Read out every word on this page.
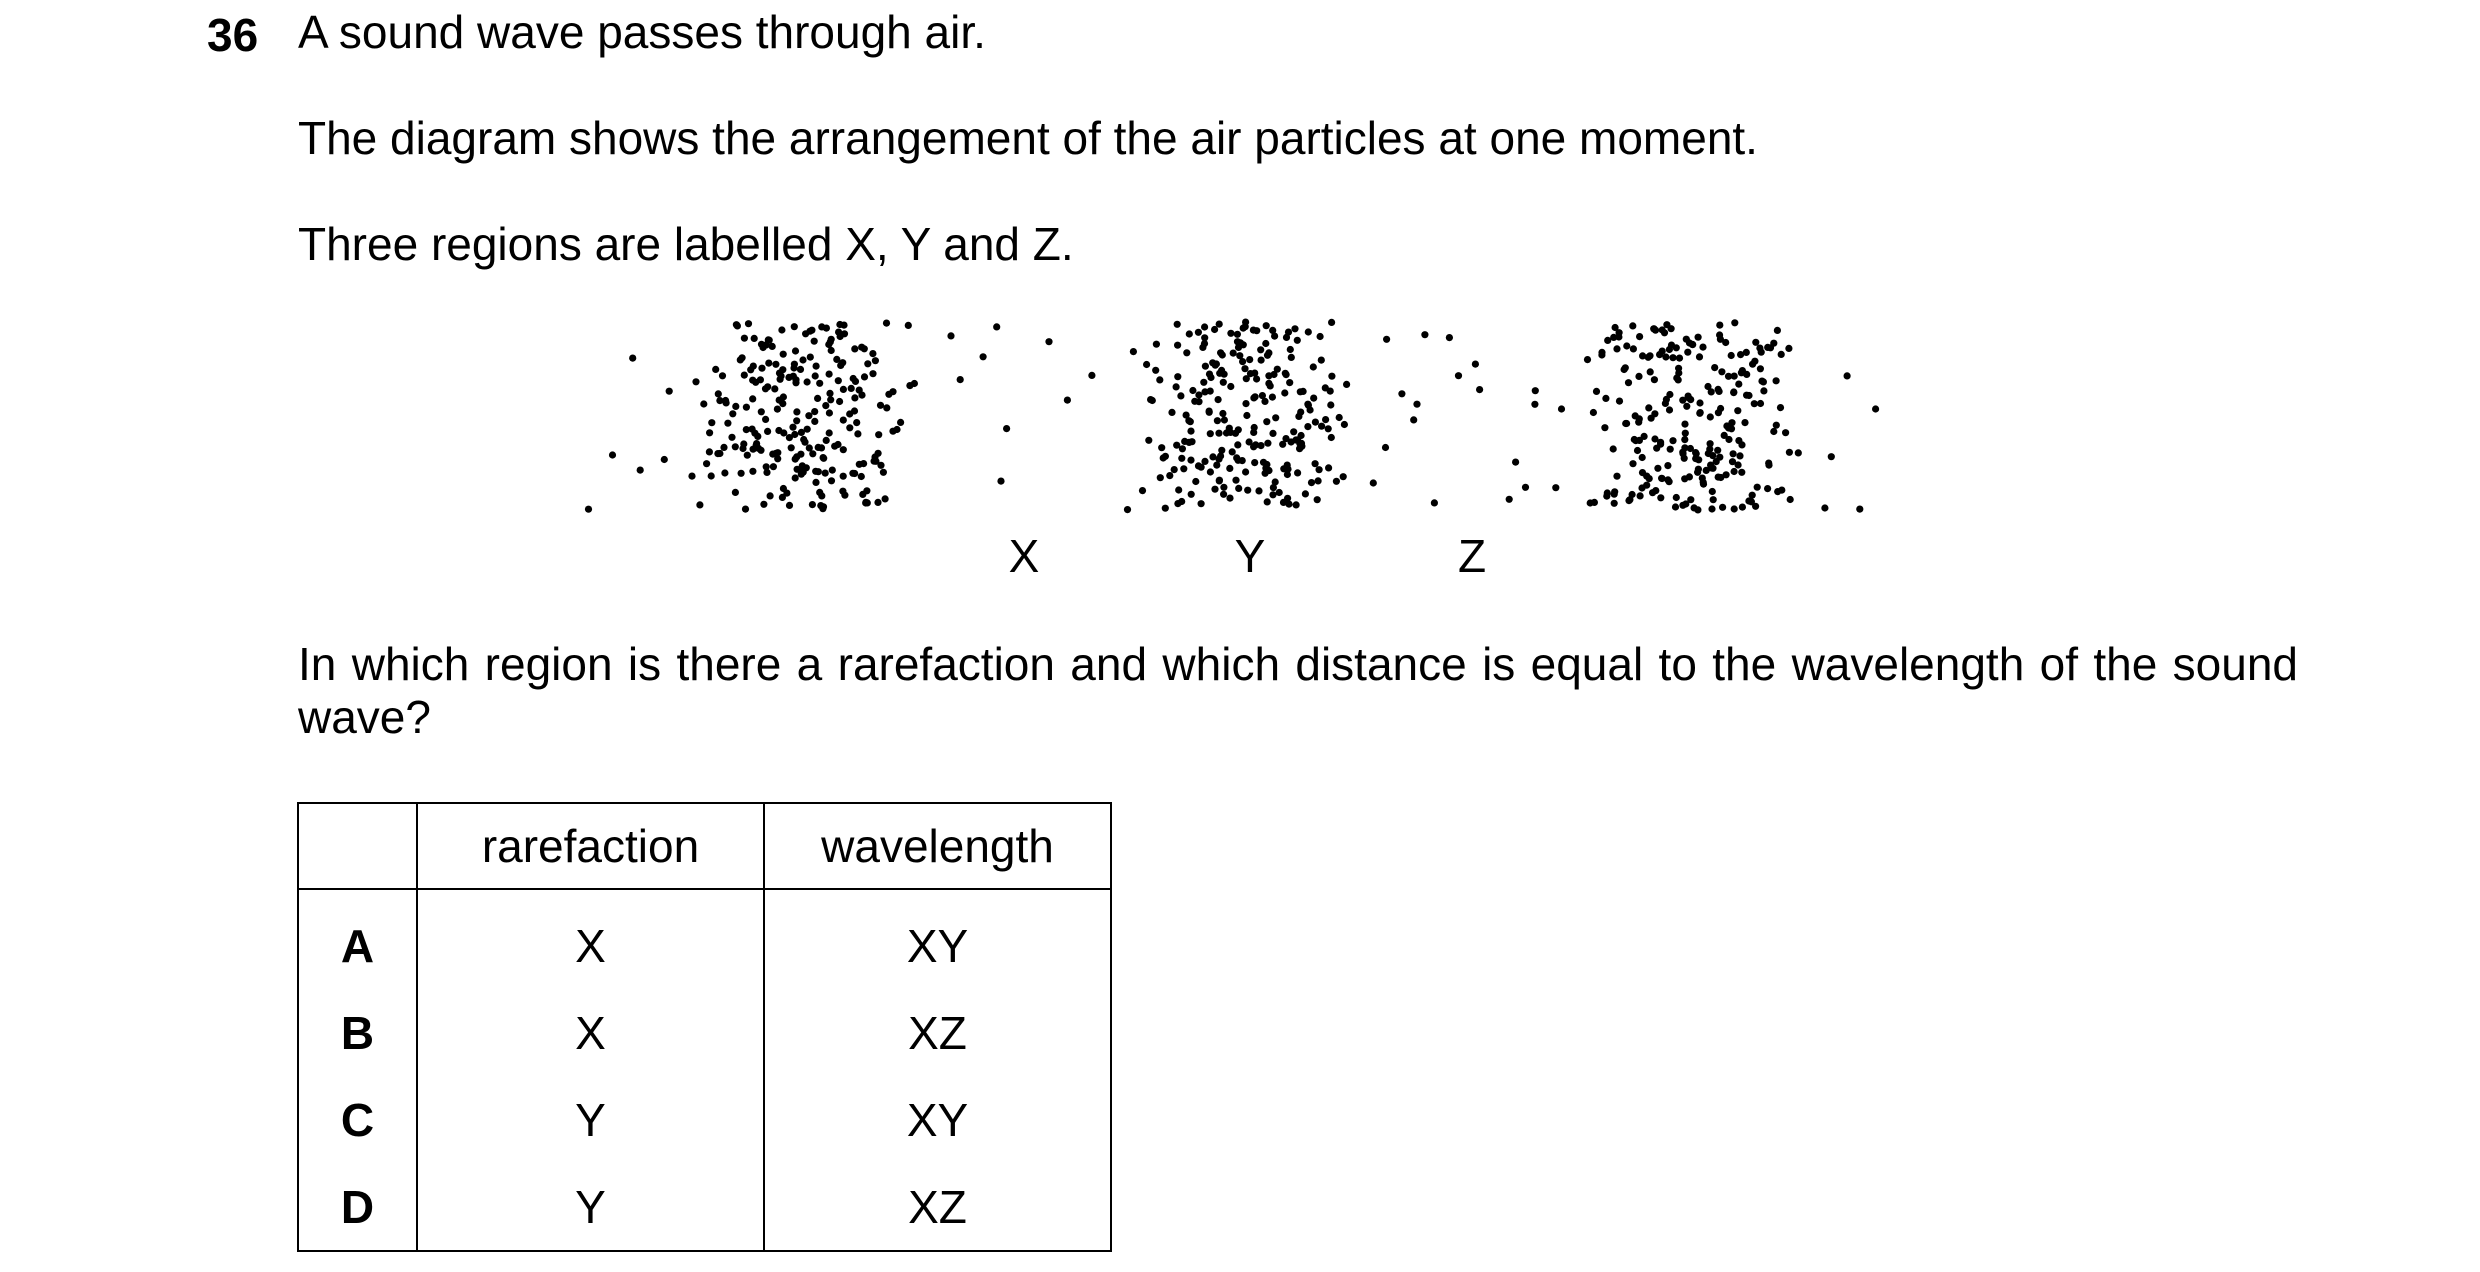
36 A sound wave passes through air.

The diagram shows the arrangement of the air particles at one moment.

Three regions are labelled X, Y and Z.

X	Y	Z

In which region is there a rarefaction and which distance is equal to the wavelength of the sound wave?

	rarefaction	wavelength
A	X	XY
B	X	XZ
C	Y	XY
D	Y	XZ
